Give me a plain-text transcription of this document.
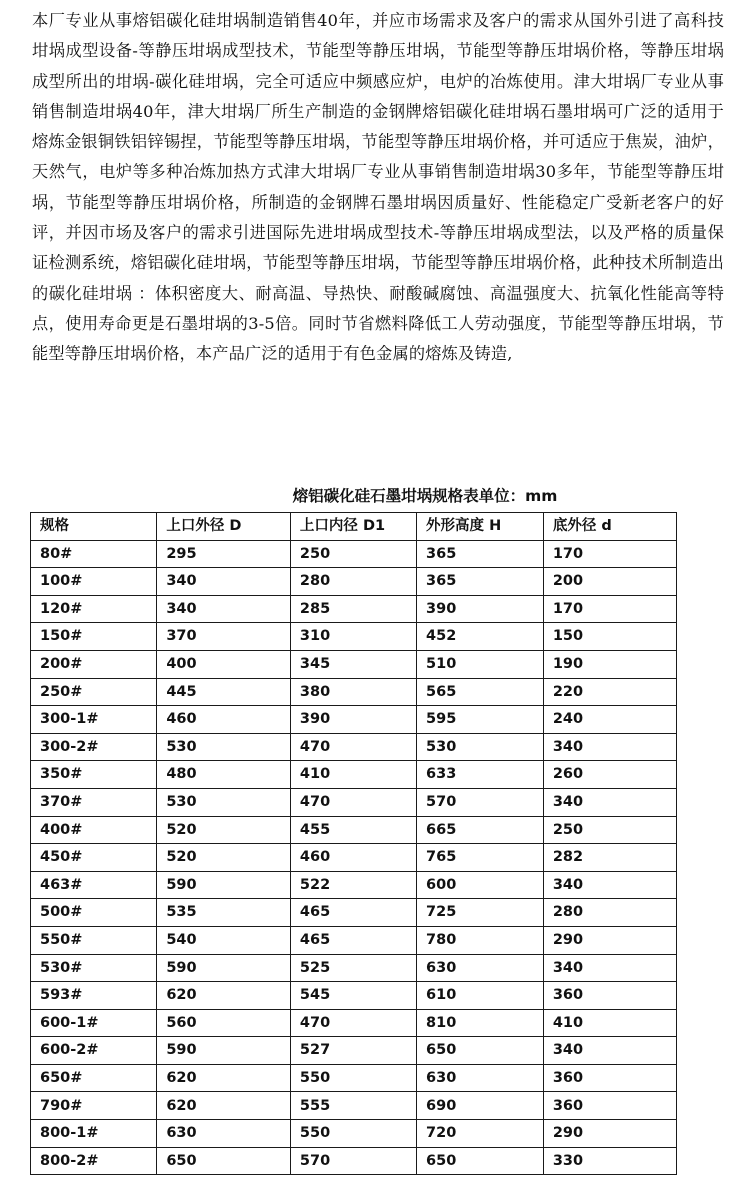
本厂专业从事熔铝碳化硅坩埚制造销售40年，并应市场需求及客户的需求从国外引进了高科技坩埚成型设备-等静压坩埚成型技术，节能型等静压坩埚，节能型等静压坩埚价格，等静压坩埚成型所出的坩埚-碳化硅坩埚，完全可适应中频感应炉，电炉的冶炼使用。津大坩埚厂专业从事销售制造坩埚40年，津大坩埚厂所生产制造的金钢牌熔铝碳化硅坩埚石墨坩埚可广泛的适用于熔炼金银铜铁铝锌锡捏，节能型等静压坩埚，节能型等静压坩埚价格，并可适应于焦炭，油炉，天然气，电炉等多种冶炼加热方式津大坩埚厂专业从事销售制造坩埚30多年，节能型等静压坩埚，节能型等静压坩埚价格，所制造的金钢牌石墨坩埚因质量好、性能稳定广受新老客户的好评，并因市场及客户的需求引进国际先进坩埚成型技术-等静压坩埚成型法，以及严格的质量保证检测系统，熔铝碳化硅坩埚，节能型等静压坩埚，节能型等静压坩埚价格，此种技术所制造出的碳化硅坩埚 ：体积密度大、耐高温、导热快、耐酸碱腐蚀、高温强度大、抗氧化性能高等特点，使用寿命更是石墨坩埚的3-5倍。同时节省燃料降低工人劳动强度，节能型等静压坩埚，节能型等静压坩埚价格，本产品广泛的适用于有色金属的熔炼及铸造,
熔铝碳化硅石墨坩埚规格表单位：mm
规格	上口外径 D	上口内径 D1	外形高度 H	底外径 d
80#	295	250	365	170
100#	340	280	365	200
120#	340	285	390	170
150#	370	310	452	150
200#	400	345	510	190
250#	445	380	565	220
300-1#	460	390	595	240
300-2#	530	470	530	340
350#	480	410	633	260
370#	530	470	570	340
400#	520	455	665	250
450#	520	460	765	282
463#	590	522	600	340
500#	535	465	725	280
550#	540	465	780	290
530#	590	525	630	340
593#	620	545	610	360
600-1#	560	470	810	410
600-2#	590	527	650	340
650#	620	550	630	360
790#	620	555	690	360
800-1#	630	550	720	290
800-2#	650	570	650	330
